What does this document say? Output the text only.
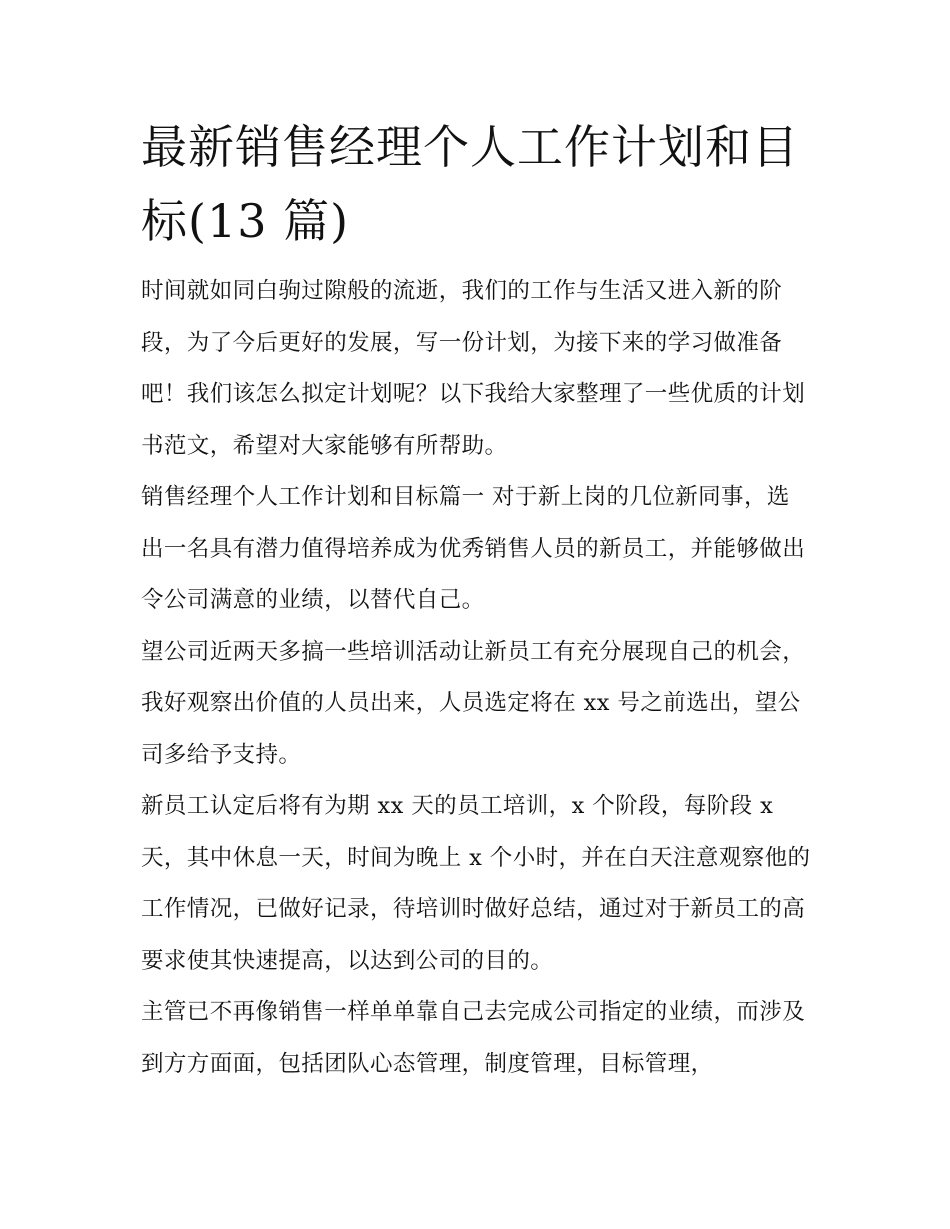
最新销售经理个人工作计划和目标(13 篇)

时间就如同白驹过隙般的流逝，我们的工作与生活又进入新的阶段，为了今后更好的发展，写一份计划，为接下来的学习做准备吧！我们该怎么拟定计划呢？以下我给大家整理了一些优质的计划书范文，希望对大家能够有所帮助。

销售经理个人工作计划和目标篇一 对于新上岗的几位新同事，选出一名具有潜力值得培养成为优秀销售人员的新员工，并能够做出令公司满意的业绩，以替代自己。

望公司近两天多搞一些培训活动让新员工有充分展现自己的机会，我好观察出价值的人员出来，人员选定将在 xx 号之前选出，望公司多给予支持。

新员工认定后将有为期 xx 天的员工培训，x 个阶段，每阶段 x 天，其中休息一天，时间为晚上 x 个小时，并在白天注意观察他的工作情况，已做好记录，待培训时做好总结，通过对于新员工的高要求使其快速提高，以达到公司的目的。

主管已不再像销售一样单单靠自己去完成公司指定的业绩，而涉及到方方面面，包括团队心态管理，制度管理，目标管理，
